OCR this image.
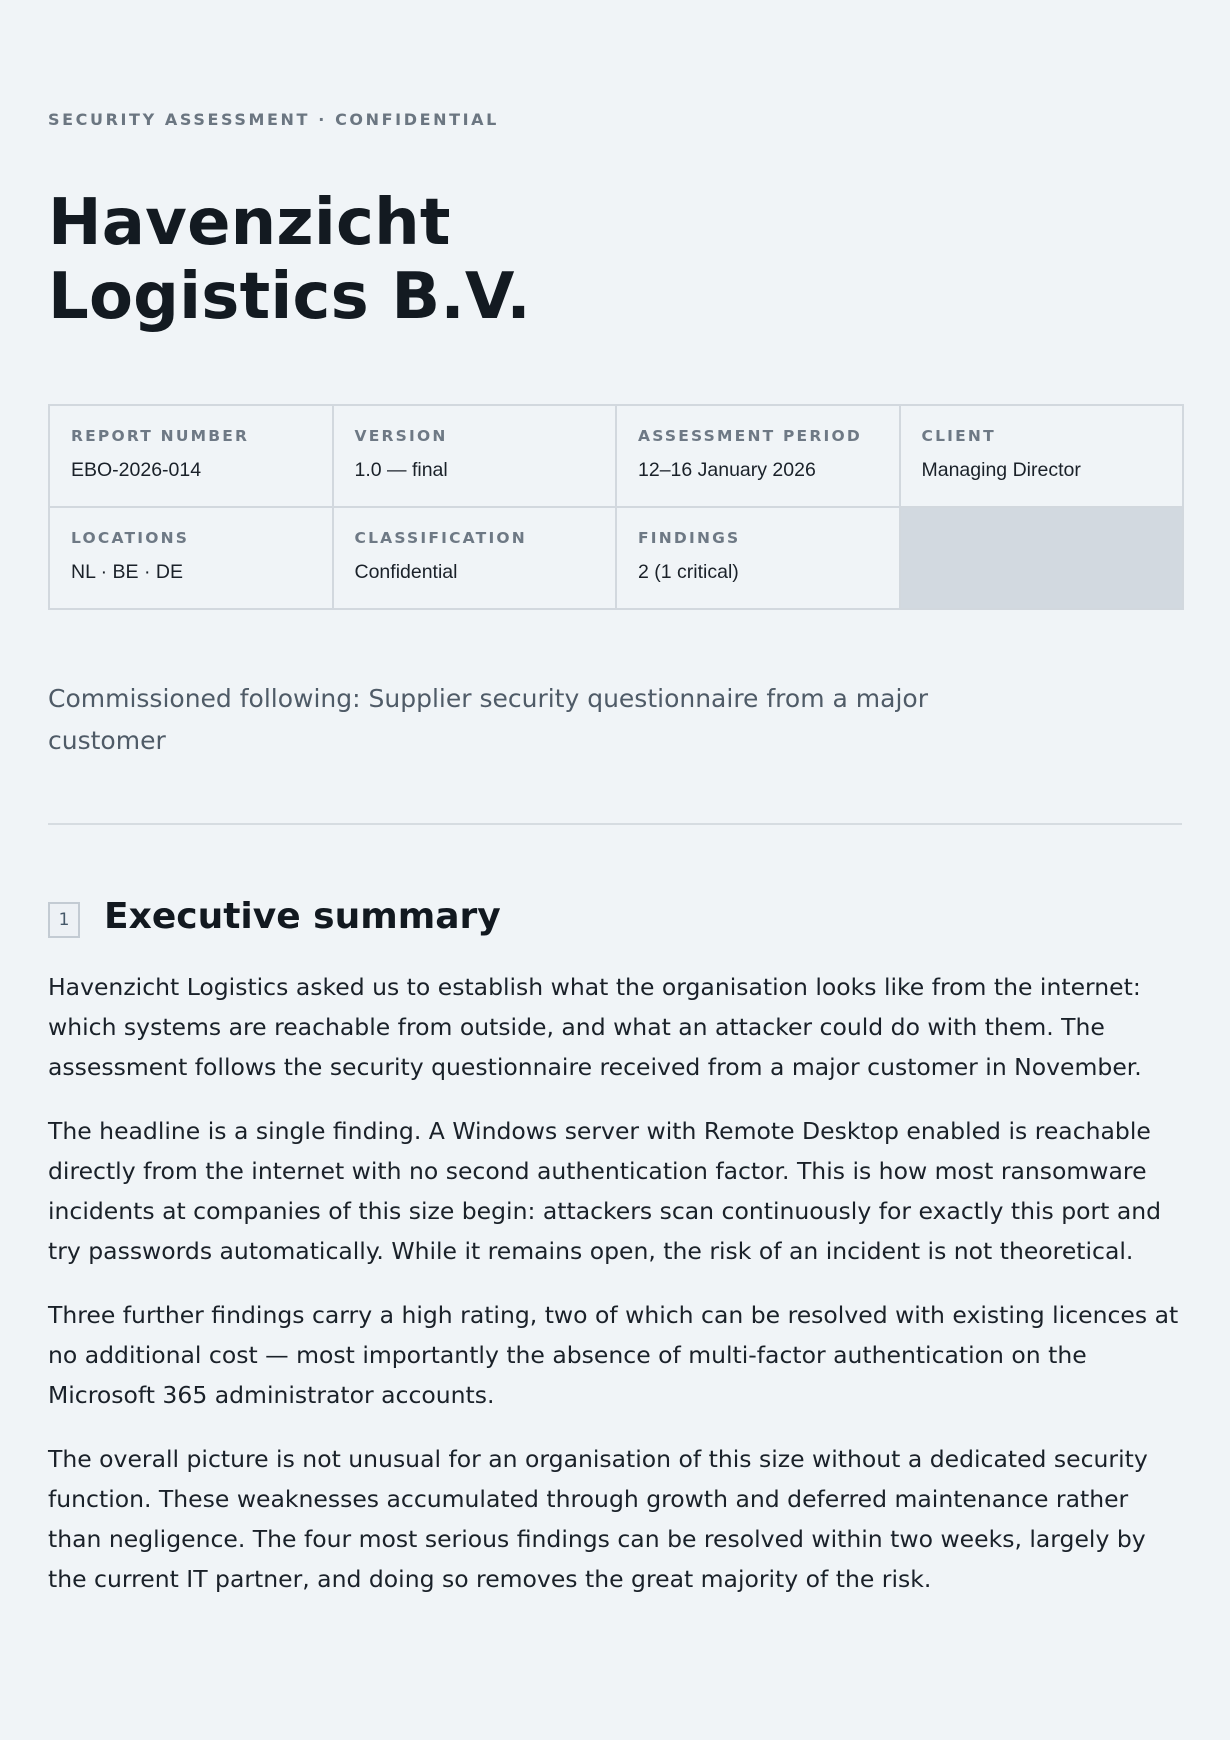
SECURITY ASSESSMENT · CONFIDENTIAL

Havenzicht Logistics B.V.
REPORT NUMBER
EBO-2026-014
VERSION
1.0 — final
ASSESSMENT PERIOD
12–16 January 2026
CLIENT
Managing Director
LOCATIONS
NL · BE · DE
CLASSIFICATION
Confidential
FINDINGS
2 (1 critical)

Commissioned following: Supplier security questionnaire from a major customer

1 Executive summary

Havenzicht Logistics asked us to establish what the organisation looks like from the internet: which systems are reachable from outside, and what an attacker could do with them. The assessment follows the security questionnaire received from a major customer in November.

The headline is a single finding. A Windows server with Remote Desktop enabled is reachable directly from the internet with no second authentication factor. This is how most ransomware incidents at companies of this size begin: attackers scan continuously for exactly this port and try passwords automatically. While it remains open, the risk of an incident is not theoretical.

Three further findings carry a high rating, two of which can be resolved with existing licences at no additional cost — most importantly the absence of multi-factor authentication on the Microsoft 365 administrator accounts.

The overall picture is not unusual for an organisation of this size without a dedicated security function. These weaknesses accumulated through growth and deferred maintenance rather than negligence. The four most serious findings can be resolved within two weeks, largely by the current IT partner, and doing so removes the great majority of the risk.
